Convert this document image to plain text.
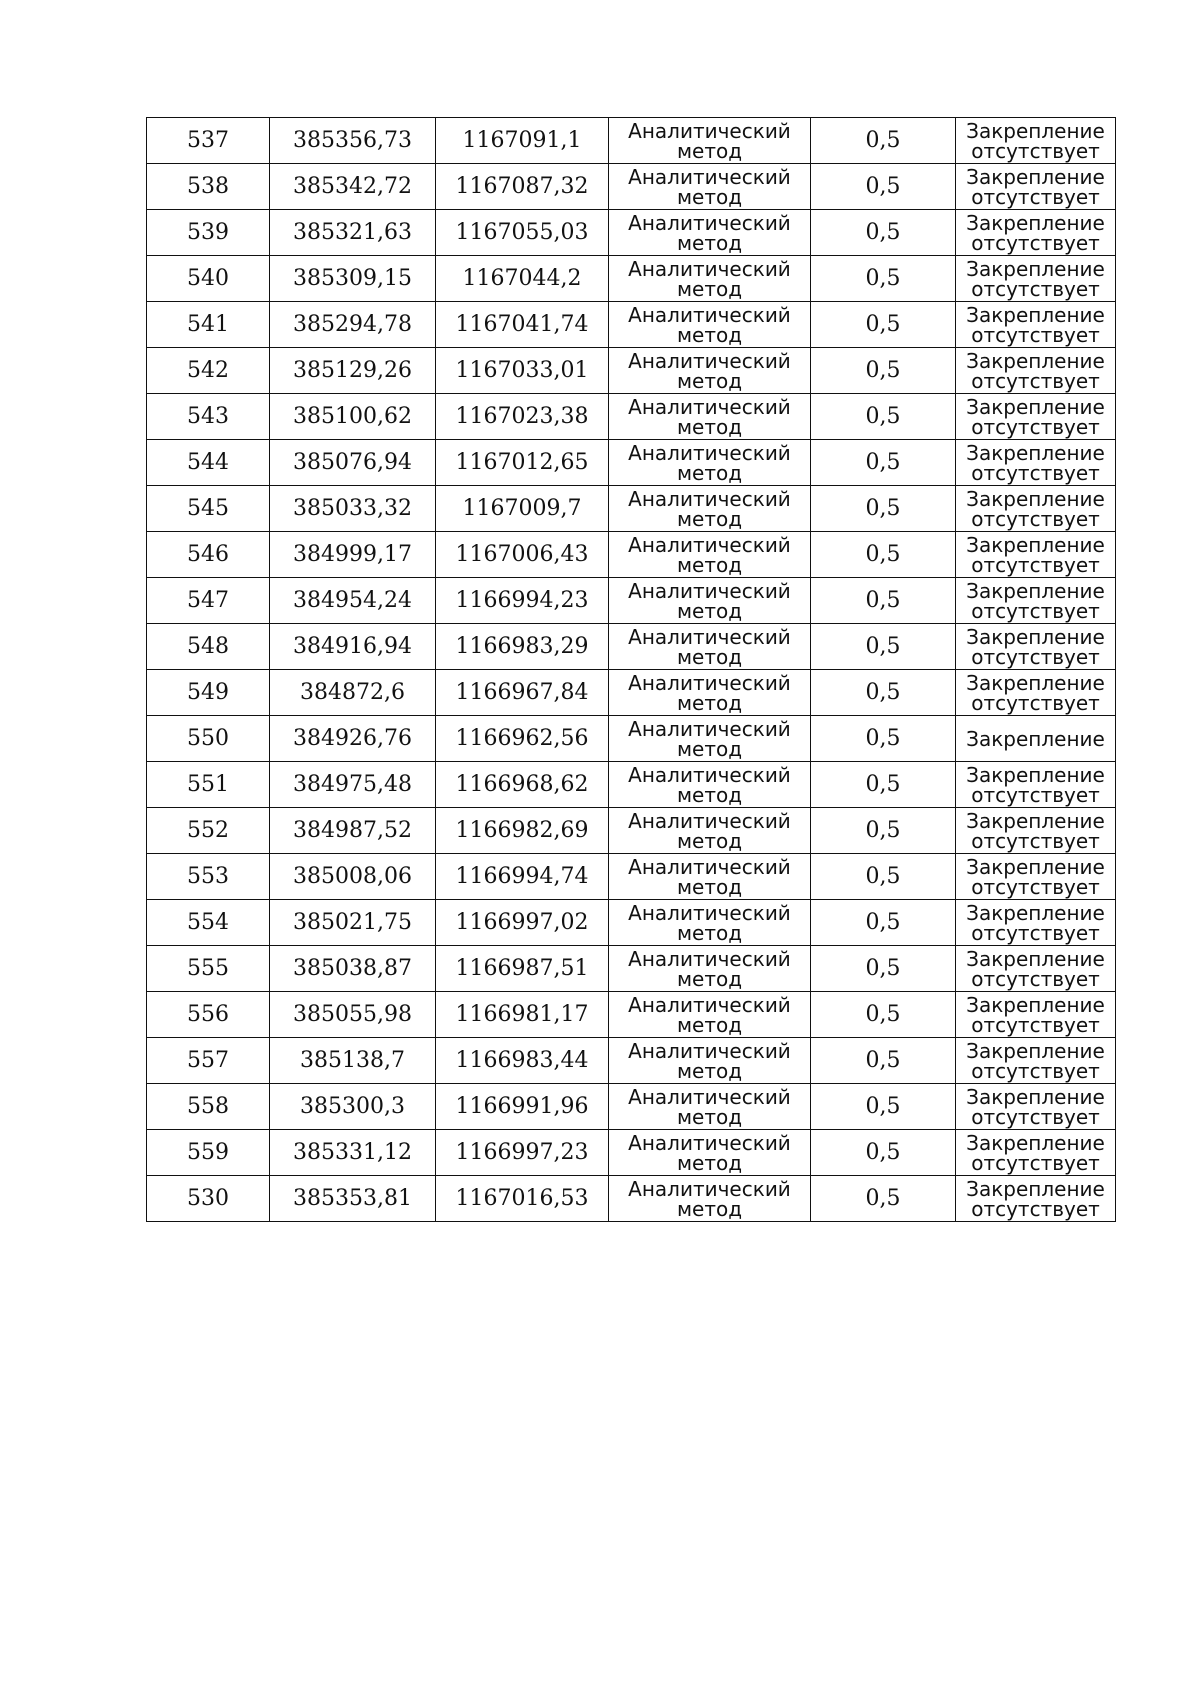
537	385356,73	1167091,1	Аналитический
метод	0,5	Закрепление
отсутствует

538	385342,72	1167087,32	Аналитический
метод	0,5	Закрепление
отсутствует

539	385321,63	1167055,03	Аналитический
метод	0,5	Закрепление
отсутствует

540	385309,15	1167044,2	Аналитический
метод	0,5	Закрепление
отсутствует

541	385294,78	1167041,74	Аналитический
метод	0,5	Закрепление
отсутствует

542	385129,26	1167033,01	Аналитический
метод	0,5	Закрепление
отсутствует

543	385100,62	1167023,38	Аналитический
метод	0,5	Закрепление
отсутствует

544	385076,94	1167012,65	Аналитический
метод	0,5	Закрепление
отсутствует

545	385033,32	1167009,7	Аналитический
метод	0,5	Закрепление
отсутствует

546	384999,17	1167006,43	Аналитический
метод	0,5	Закрепление
отсутствует

547	384954,24	1166994,23	Аналитический
метод	0,5	Закрепление
отсутствует

548	384916,94	1166983,29	Аналитический
метод	0,5	Закрепление
отсутствует

549	384872,6	1166967,84	Аналитический
метод	0,5	Закрепление
отсутствует

550	384926,76	1166962,56	Аналитический
метод	0,5	Закрепление

551	384975,48	1166968,62	Аналитический
метод	0,5	Закрепление
отсутствует

552	384987,52	1166982,69	Аналитический
метод	0,5	Закрепление
отсутствует

553	385008,06	1166994,74	Аналитический
метод	0,5	Закрепление
отсутствует

554	385021,75	1166997,02	Аналитический
метод	0,5	Закрепление
отсутствует

555	385038,87	1166987,51	Аналитический
метод	0,5	Закрепление
отсутствует

556	385055,98	1166981,17	Аналитический
метод	0,5	Закрепление
отсутствует

557	385138,7	1166983,44	Аналитический
метод	0,5	Закрепление
отсутствует

558	385300,3	1166991,96	Аналитический
метод	0,5	Закрепление
отсутствует

559	385331,12	1166997,23	Аналитический
метод	0,5	Закрепление
отсутствует

530	385353,81	1167016,53	Аналитический
метод	0,5	Закрепление
отсутствует
